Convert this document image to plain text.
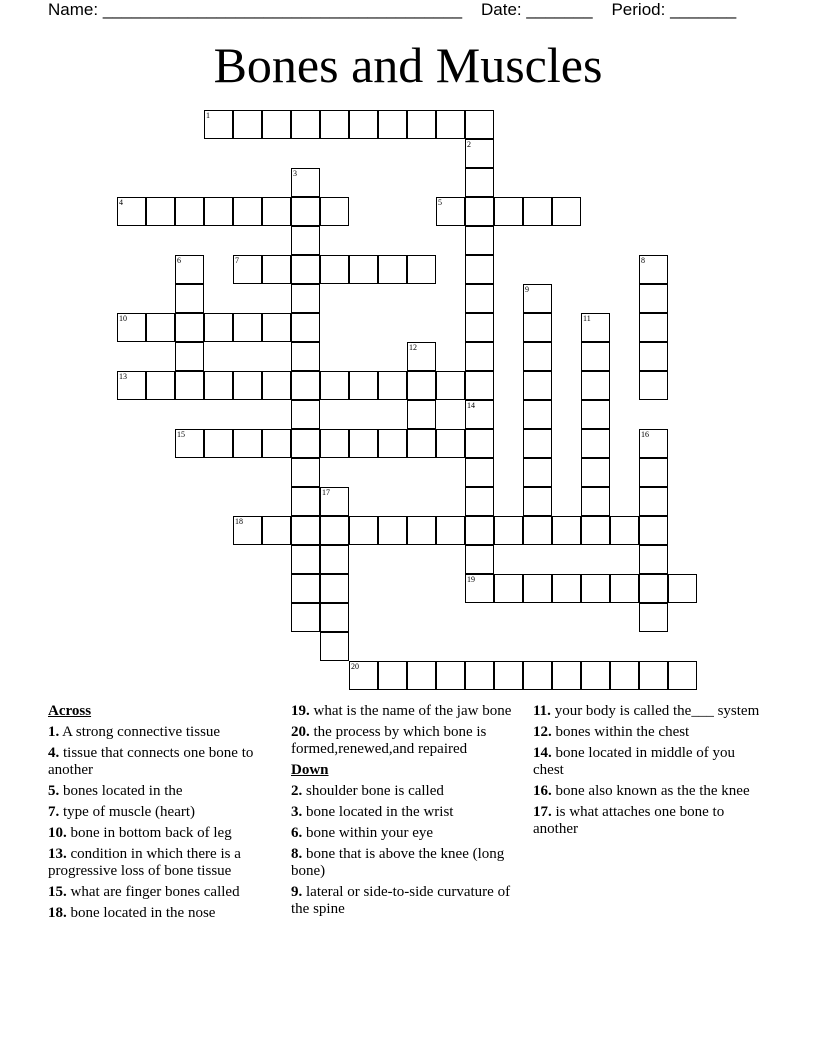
Name: ______________________________________ Date: _______ Period: _______
Bones and Muscles
1
2
3
4	5
6	7	8
9
10	11
12
13
14
19
15	16
17
18
20
Across
1. A strong connective tissue
4. tissue that connects one bone to another
5. bones located in the
7. type of muscle (heart)
10. bone in bottom back of leg
13. condition in which there is a progressive loss of bone tissue
15. what are finger bones called
18. bone located in the nose
19. what is the name of the jaw bone
20. the process by which bone is formed,renewed,and repaired
Down
2. shoulder bone is called
3. bone located in the wrist
6. bone within your eye
8. bone that is above the knee (long bone)
9. lateral or side-to-side curvature of the spine
11. your body is called the___ system
12. bones within the chest
14. bone located in middle of you chest
16. bone also known as the the knee
17. is what attaches one bone to another
